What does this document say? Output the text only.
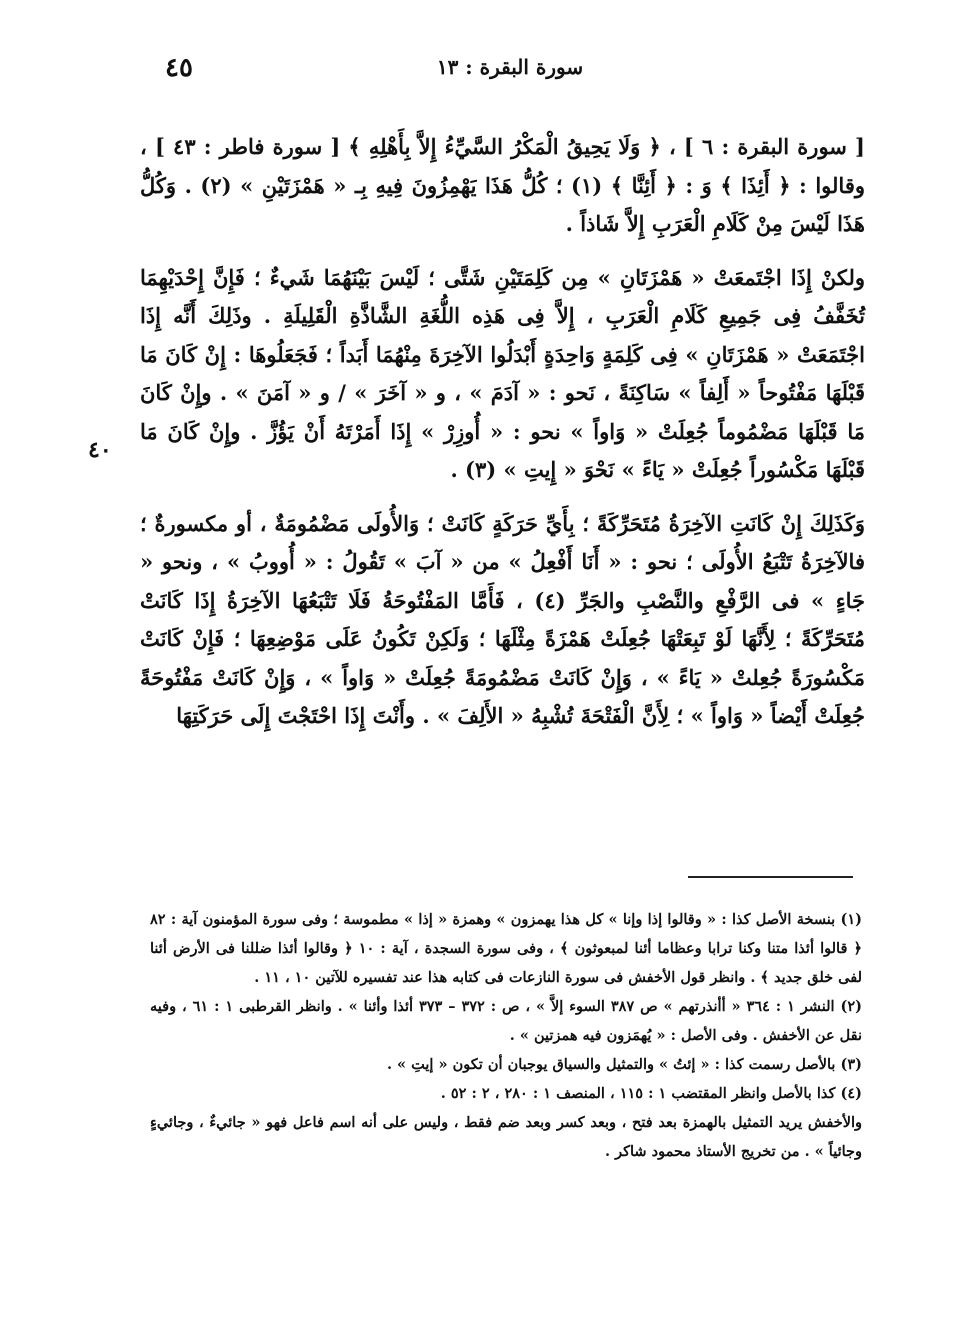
سورة البقرة : ١٣
٤٥
٤٠

[ سورة البقرة : ٦ ] ، ﴿ وَلَا يَحِيقُ الْمَكْرُ السَّيِّءُ إِلاَّ بِأَهْلِهِ ﴾ [ سورة فاطر : ٤٣ ] ، وقالوا : ﴿ أَئِذَا ﴾ وَ : ﴿ أَئِنَّا ﴾ (١) ؛ كُلُّ هَذَا يَهْمِزُونَ فِيهِ بِـ « هَمْزَتَيْنِ » (٢) . وَكُلُّ هَذَا لَيْسَ مِنْ كَلَامِ الْعَرَبِ إِلاَّ شَاذاً .

ولكنْ إِذَا اجْتَمعَتْ « هَمْزَتَانِ » مِن كَلِمَتَيْنِ شَتَّى ؛ لَيْسَ بَيْنَهُمَا شَيءٌ ؛ فَإِنَّ إِحْدَيْهِمَا تُخَفَّفُ فِى جَمِيعِ كَلَامِ الْعَرَبِ ، إِلاَّ فِى هَذِه اللُّغَةِ الشَّاذَّةِ الْقَلِيلَةِ . وذَلِكَ أَنَّه إِذَا اجْتَمَعَتْ « هَمْزَتَانِ » فِى كَلِمَةٍ وَاحِدَةٍ أَبْدَلُوا الآخِرَةَ مِنْهُمَا أَبَداً ؛ فَجَعَلُوهَا : إِنْ كَانَ مَا قَبْلَهَا مَفْتُوحاً « أَلِفاً » سَاكِنَةً ، نَحو : « آدَمَ » ، و « آخَرَ » / و « آمَنَ » . وإِنْ كَانَ مَا قَبْلَهَا مَضْمُوماً جُعِلَتْ « وَاواً » نحو : « أُوزِرْ » إِذَا أَمَرْتَهُ أَنْ يَؤُزَّ . وإِنْ كَانَ مَا قَبْلَهَا مَكْسُوراً جُعِلَتْ « يَاءً » نَحْوَ « إِيتِ » (٣) .

وَكَذَلِكَ إِنْ كَانَتِ الآخِرَةُ مُتَحَرِّكَةً ؛ بِأَيِّ حَرَكَةٍ كَانَتْ ؛ وَالأُولَى مَضْمُومَةٌ ، أو مكسورةٌ ؛ فالآخِرَةُ تَتْبَعُ الأُولَى ؛ نحو : « أَنَا أَفْعِلُ » من « آبَ » تَقُولُ : « أُووبُ » ، ونحو « جَاءٍ » فى الرَّفْعِ والنَّصْبِ والجَرِّ (٤) ، فَأَمَّا المَفْتُوحَةُ فَلَا تَتْبَعُهَا الآخِرَةُ إِذَا كَانَتْ مُتَحَرِّكَةً ؛ لِأَنَّهَا لَوْ تَبِعَتْهَا جُعِلَتْ هَمْزَةً مِثْلَهَا ؛ وَلَكِنْ تَكُونُ عَلَى مَوْضِعِهَا ؛ فَإِنْ كَانَتْ مَكْسُورَةً جُعِلتْ « يَاءً » ، وَإِنْ كَانَتْ مَضْمُومَةً جُعِلَتْ « وَاواً » ، وَإِنْ كَانَتْ مَفْتُوحَةً جُعِلَتْ أَيْضاً « وَاواً » ؛ لِأَنَّ الْفَتْحَةَ تُشْبِهُ « الأَلِفَ » . وأَنْتَ إِذَا احْتَجْتَ إِلَى حَرَكَتِهَا

(١) بنسخة الأصل كذا : « وقالوا إذا وإنا » كل هذا يهمزون » وهمزة « إذا » مطموسة ؛ وفى سورة المؤمنون آية : ٨٢ ﴿ قالوا أئذا متنا وكنا ترابا وعظاما أئنا لمبعوثون ﴾ ، وفى سورة السجدة ، آية : ١٠ ﴿ وقالوا أئذا ضللنا فى الأرض أئنا لفى خلق جديد ﴾ . وانظر قول الأخفش فى سورة النازعات فى كتابه هذا عند تفسيره للآتين ١٠ ، ١١ .

(٢) النشر ١ : ٣٦٤ « أأنذرتهم » ص ٣٨٧ السوء إلاَّ » ، ص : ٣٧٢ – ٣٧٣ أئذا وأئنا » . وانظر القرطبى ١ : ٦١ ، وفيه نقل عن الأخفش . وفى الأصل : « يُهمَزون فيه همزتين » .

(٣) بالأصل رسمت كذا : « إئتُ » والتمثيل والسياق يوجبان أن تكون « إيتِ » .

(٤) كذا بالأصل وانظر المقتضب ١ : ١١٥ ، المنصف ١ : ٢٨٠ ، ٢ : ٥٢ .

والأخفش يريد التمثيل بالهمزة بعد فتح ، وبعد كسر وبعد ضم فقط ، وليس على أنه اسم فاعل فهو « جائيءٌ ، وجائيءٍ وجائياً » . من تخريج الأستاذ محمود شاكر .
